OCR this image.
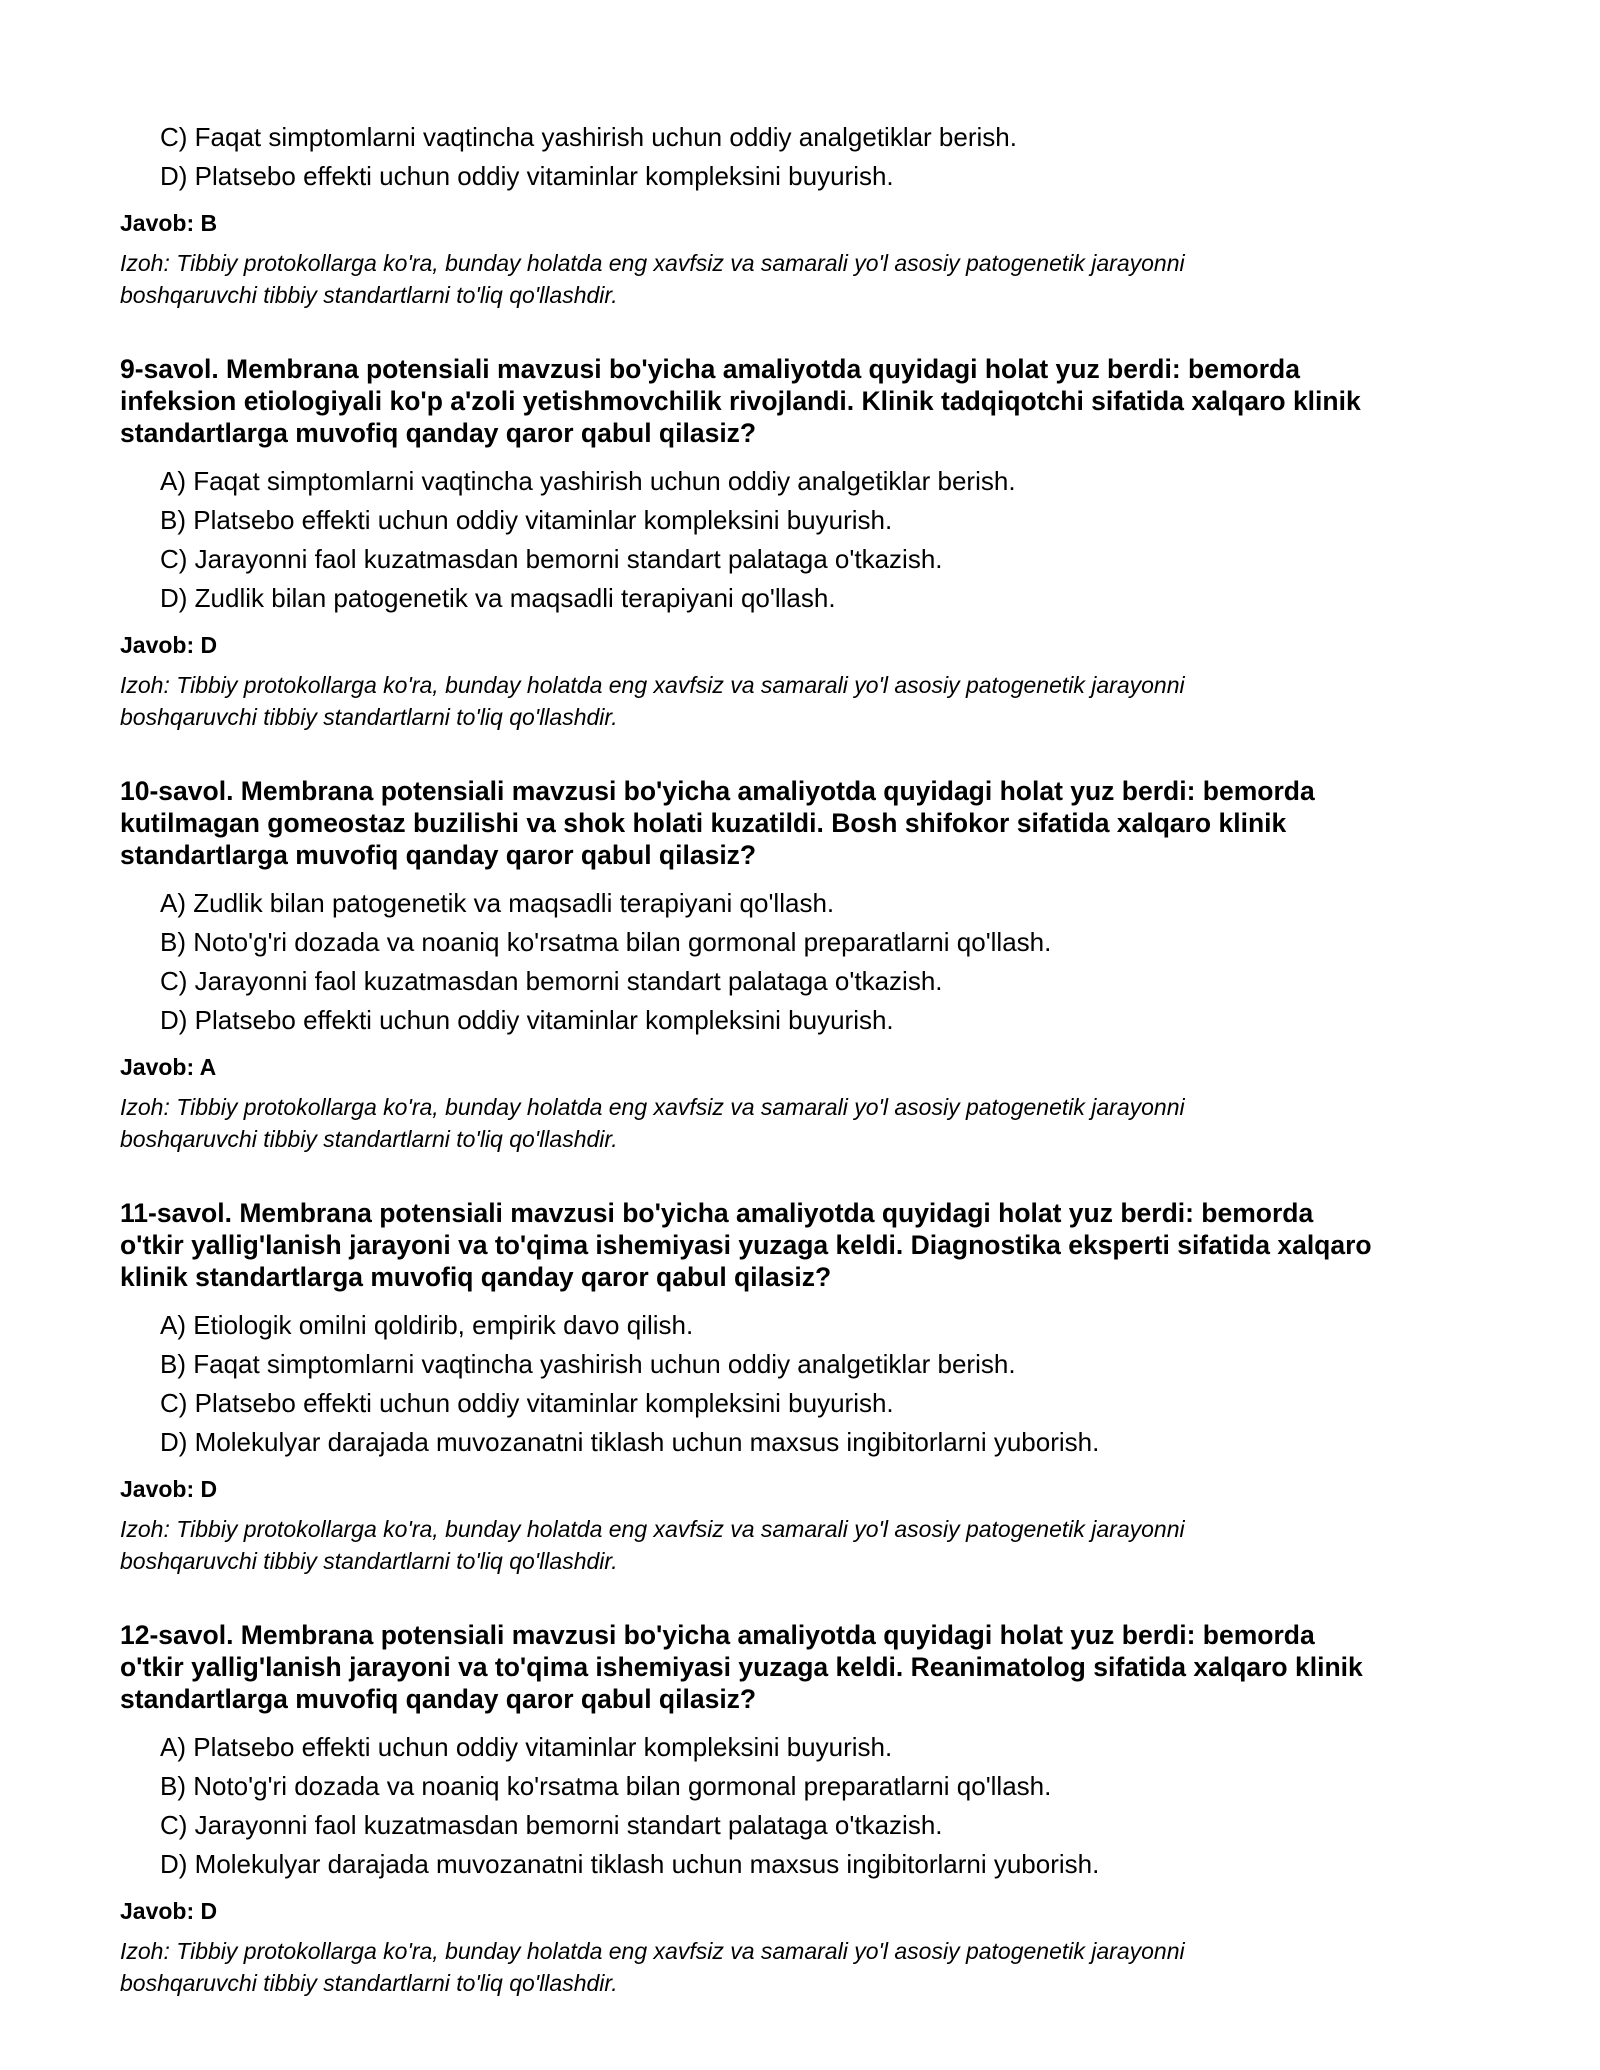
C) Faqat simptomlarni vaqtincha yashirish uchun oddiy analgetiklar berish.
D) Platsebo effekti uchun oddiy vitaminlar kompleksini buyurish.
Javob: B
Izoh: Tibbiy protokollarga ko'ra, bunday holatda eng xavfsiz va samarali yo'l asosiy patogenetik jarayonni
boshqaruvchi tibbiy standartlarni to'liq qo'llashdir.
9-savol. Membrana potensiali mavzusi bo'yicha amaliyotda quyidagi holat yuz berdi: bemorda
infeksion etiologiyali ko'p a'zoli yetishmovchilik rivojlandi. Klinik tadqiqotchi sifatida xalqaro klinik
standartlarga muvofiq qanday qaror qabul qilasiz?
A) Faqat simptomlarni vaqtincha yashirish uchun oddiy analgetiklar berish.
B) Platsebo effekti uchun oddiy vitaminlar kompleksini buyurish.
C) Jarayonni faol kuzatmasdan bemorni standart palataga o'tkazish.
D) Zudlik bilan patogenetik va maqsadli terapiyani qo'llash.
Javob: D
Izoh: Tibbiy protokollarga ko'ra, bunday holatda eng xavfsiz va samarali yo'l asosiy patogenetik jarayonni
boshqaruvchi tibbiy standartlarni to'liq qo'llashdir.
10-savol. Membrana potensiali mavzusi bo'yicha amaliyotda quyidagi holat yuz berdi: bemorda
kutilmagan gomeostaz buzilishi va shok holati kuzatildi. Bosh shifokor sifatida xalqaro klinik
standartlarga muvofiq qanday qaror qabul qilasiz?
A) Zudlik bilan patogenetik va maqsadli terapiyani qo'llash.
B) Noto'g'ri dozada va noaniq ko'rsatma bilan gormonal preparatlarni qo'llash.
C) Jarayonni faol kuzatmasdan bemorni standart palataga o'tkazish.
D) Platsebo effekti uchun oddiy vitaminlar kompleksini buyurish.
Javob: A
Izoh: Tibbiy protokollarga ko'ra, bunday holatda eng xavfsiz va samarali yo'l asosiy patogenetik jarayonni
boshqaruvchi tibbiy standartlarni to'liq qo'llashdir.
11-savol. Membrana potensiali mavzusi bo'yicha amaliyotda quyidagi holat yuz berdi: bemorda
o'tkir yallig'lanish jarayoni va to'qima ishemiyasi yuzaga keldi. Diagnostika eksperti sifatida xalqaro
klinik standartlarga muvofiq qanday qaror qabul qilasiz?
A) Etiologik omilni qoldirib, empirik davo qilish.
B) Faqat simptomlarni vaqtincha yashirish uchun oddiy analgetiklar berish.
C) Platsebo effekti uchun oddiy vitaminlar kompleksini buyurish.
D) Molekulyar darajada muvozanatni tiklash uchun maxsus ingibitorlarni yuborish.
Javob: D
Izoh: Tibbiy protokollarga ko'ra, bunday holatda eng xavfsiz va samarali yo'l asosiy patogenetik jarayonni
boshqaruvchi tibbiy standartlarni to'liq qo'llashdir.
12-savol. Membrana potensiali mavzusi bo'yicha amaliyotda quyidagi holat yuz berdi: bemorda
o'tkir yallig'lanish jarayoni va to'qima ishemiyasi yuzaga keldi. Reanimatolog sifatida xalqaro klinik
standartlarga muvofiq qanday qaror qabul qilasiz?
A) Platsebo effekti uchun oddiy vitaminlar kompleksini buyurish.
B) Noto'g'ri dozada va noaniq ko'rsatma bilan gormonal preparatlarni qo'llash.
C) Jarayonni faol kuzatmasdan bemorni standart palataga o'tkazish.
D) Molekulyar darajada muvozanatni tiklash uchun maxsus ingibitorlarni yuborish.
Javob: D
Izoh: Tibbiy protokollarga ko'ra, bunday holatda eng xavfsiz va samarali yo'l asosiy patogenetik jarayonni
boshqaruvchi tibbiy standartlarni to'liq qo'llashdir.
